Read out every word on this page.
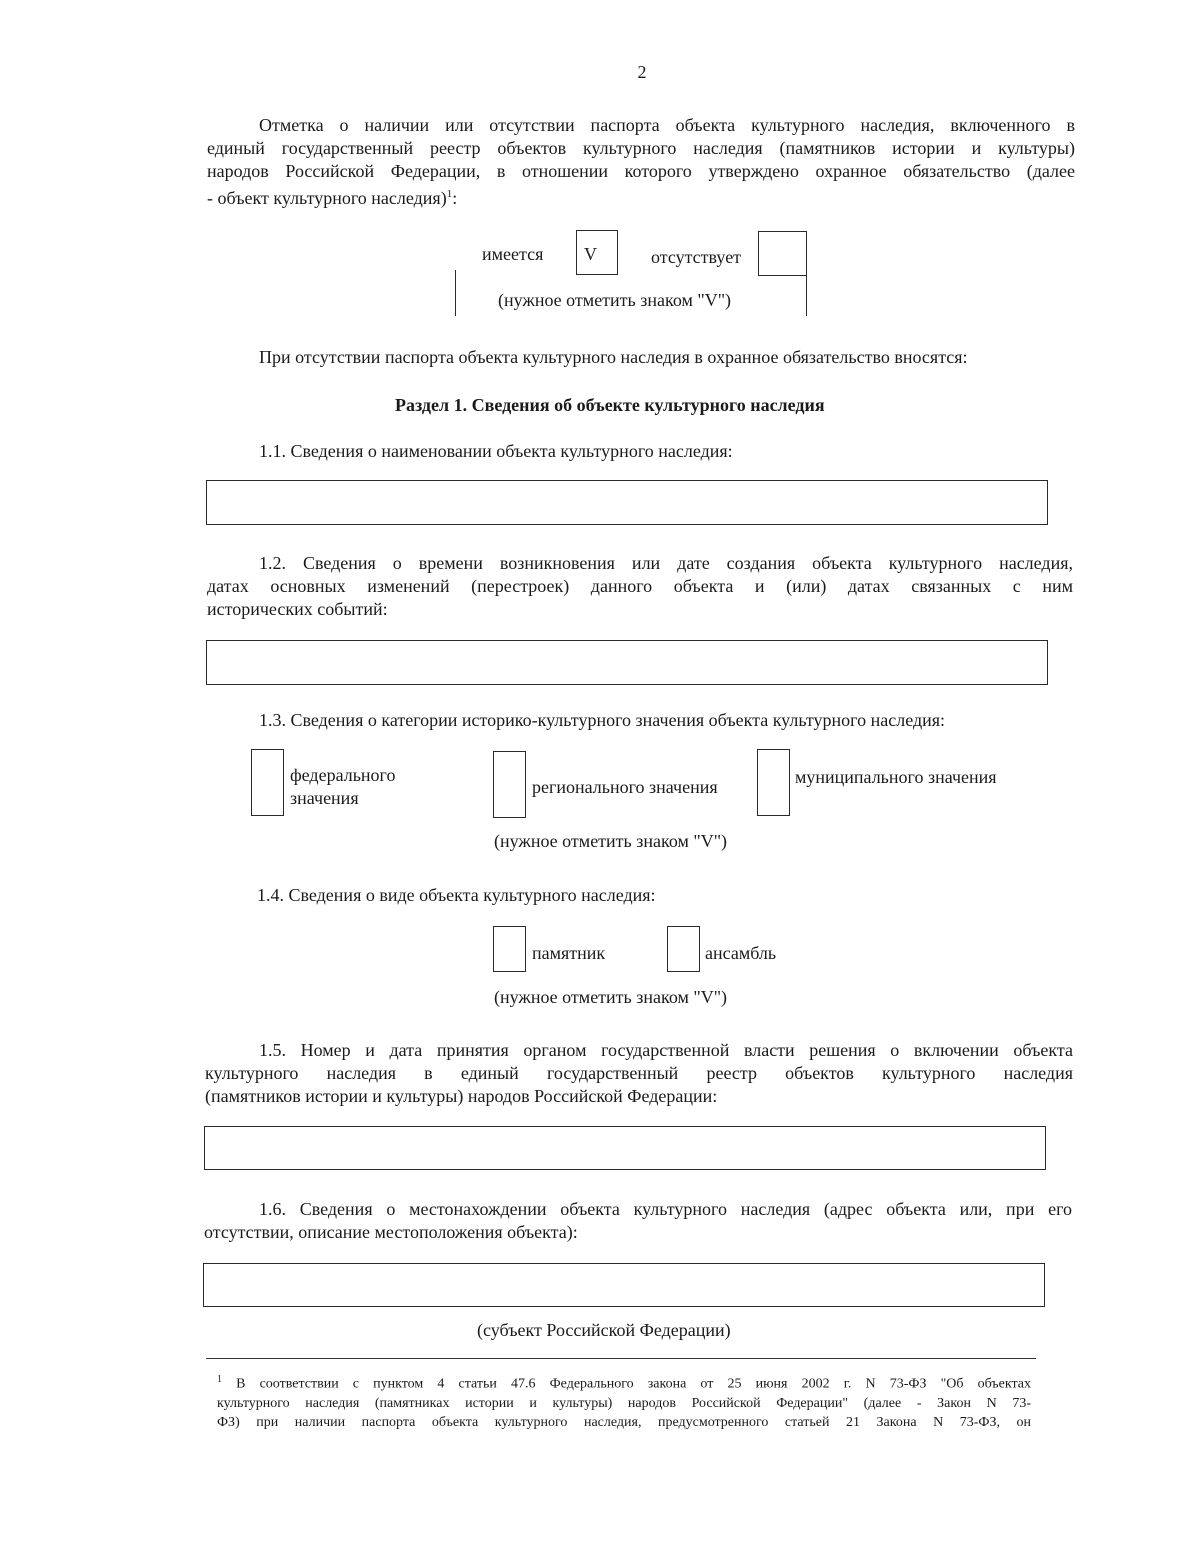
2
Отметка о наличии или отсутствии паспорта объекта культурного наследия, включенного в
единый государственный реестр объектов культурного наследия (памятников истории и культуры)
народов Российской Федерации, в отношении которого утверждено охранное обязательство (далее
- объект культурного наследия)$^1$:
имеется V	отсутствует
(нужное отметить знаком "V")
При отсутствии паспорта объекта культурного наследия в охранное обязательство вносятся:
Раздел 1. Сведения об объекте культурного наследия
1.1. Сведения о наименовании объекта культурного наследия:
1.2. Сведения о времени возникновения или дате создания объекта культурного наследия,
датах основных изменений (перестроек) данного объекта и (или) датах связанных с ним
исторических событий:
1.3. Сведения о категории историко-культурного значения объекта культурного наследия:
федерального
значения
регионального значения	муниципального значения
(нужное отметить знаком "V")
1.4. Сведения о виде объекта культурного наследия:
памятник	ансамбль
(нужное отметить знаком "V")
1.5. Номер и дата принятия органом государственной власти решения о включении объекта
культурного наследия в единый государственный реестр объектов культурного наследия
(памятников истории и культуры) народов Российской Федерации:
1.6. Сведения о местонахождении объекта культурного наследия (адрес объекта или, при его
отсутствии, описание местоположения объекта):
(субъект Российской Федерации)
$^1$ В соответствии с пунктом 4 статьи 47.6 Федерального закона от 25 июня 2002 г. N 73-ФЗ "Об объектах
культурного наследия (памятниках истории и культуры) народов Российской Федерации" (далее - Закон N 73-
ФЗ) при наличии паспорта объекта культурного наследия, предусмотренного статьей 21 Закона N 73-ФЗ, он
